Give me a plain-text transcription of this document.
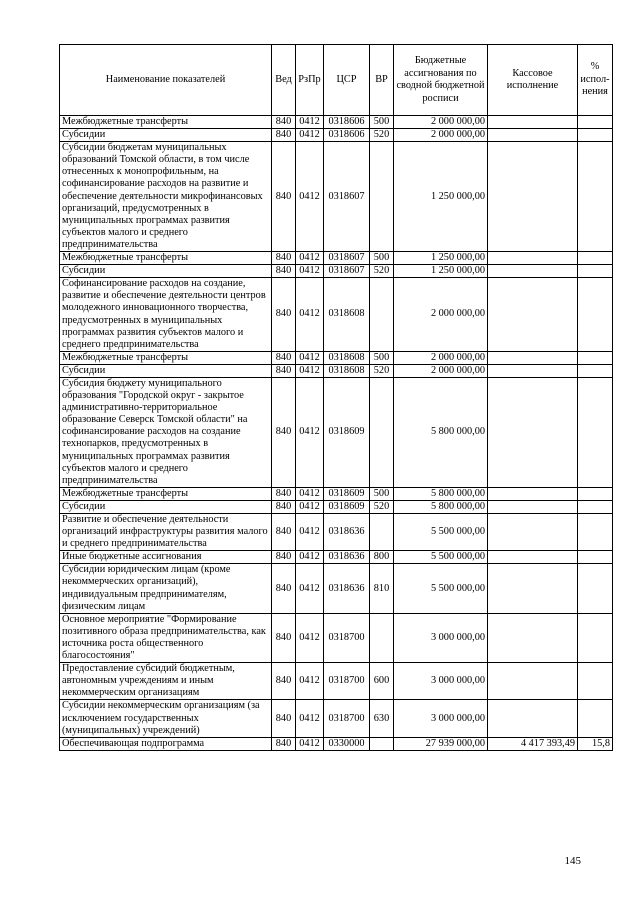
Наименование показателей	Вед	РзПр	ЦСР	ВР	Бюджетные ассигнования по сводной бюджетной росписи	Кассовое исполнение	% испол-нения
Межбюджетные трансферты	840	0412	0318606	500	2 000 000,00		
Субсидии	840	0412	0318606	520	2 000 000,00		
Субсидии бюджетам муниципальных образований Томской области, в том числе отнесенных к монопрофильным, на софинансирование расходов на развитие и обеспечение деятельности микрофинансовых организаций, предусмотренных в муниципальных программах развития субъектов малого и среднего предпринимательства	840	0412	0318607		1 250 000,00		
Межбюджетные трансферты	840	0412	0318607	500	1 250 000,00		
Субсидии	840	0412	0318607	520	1 250 000,00		
Софинансирование расходов на создание, развитие и обеспечение деятельности центров молодежного инновационного творчества, предусмотренных в муниципальных программах развития субъектов малого и среднего предпринимательства	840	0412	0318608		2 000 000,00		
Межбюджетные трансферты	840	0412	0318608	500	2 000 000,00		
Субсидии	840	0412	0318608	520	2 000 000,00		
Субсидия бюджету муниципального образования "Городской округ - закрытое административно-территориальное образование Северск Томской области" на софинансирование расходов на создание технопарков, предусмотренных в муниципальных программах развития субъектов малого и среднего предпринимательства	840	0412	0318609		5 800 000,00		
Межбюджетные трансферты	840	0412	0318609	500	5 800 000,00		
Субсидии	840	0412	0318609	520	5 800 000,00		
Развитие и обеспечение деятельности организаций инфраструктуры развития малого и среднего предпринимательства	840	0412	0318636		5 500 000,00		
Иные бюджетные ассигнования	840	0412	0318636	800	5 500 000,00		
Субсидии юридическим лицам (кроме некоммерческих организаций), индивидуальным предпринимателям, физическим лицам	840	0412	0318636	810	5 500 000,00		
Основное мероприятие "Формирование позитивного образа предпринимательства, как источника роста общественного благосостояния"	840	0412	0318700		3 000 000,00		
Предоставление субсидий бюджетным, автономным учреждениям и иным некоммерческим организациям	840	0412	0318700	600	3 000 000,00		
Субсидии некоммерческим организациям (за исключением государственных (муниципальных) учреждений)	840	0412	0318700	630	3 000 000,00		
Обеспечивающая подпрограмма	840	0412	0330000		27 939 000,00	4 417 393,49	15,8
145
